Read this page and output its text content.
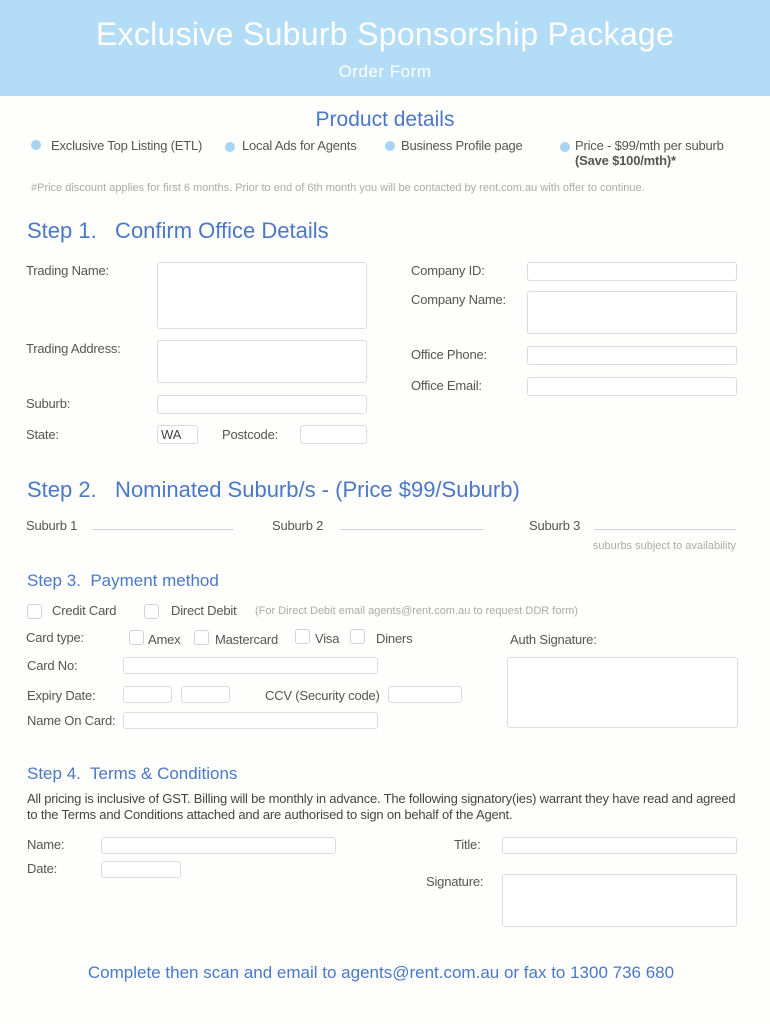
Exclusive Suburb Sponsorship Package
Order Form
Product details
Exclusive Top Listing (ETL)	Local Ads for Agents	Business Profile page	Price - $99/mth per suburb
(Save $100/mth)*
#Price discount applies for first 6 months. Prior to end of 6th month you will be contacted by rent.com.au with offer to continue.
Step 1.   Confirm Office Details
Trading Name:
Trading Address:
Suburb:
State:	WA	Postcode:
Company ID:
Company Name:
Office Phone:
Office Email:
Step 2.   Nominated Suburb/s - (Price $99/Suburb)
Suburb 1	Suburb 2	Suburb 3
suburbs subject to availability
Step 3.  Payment method
Credit Card	Direct Debit (For Direct Debit email agents@rent.com.au to request DDR form)
Card type:	Amex	Mastercard	Visa	Diners	Auth Signature:
Card No:
Expiry Date:	CCV (Security code)
Name On Card:
Step 4.  Terms & Conditions
All pricing is inclusive of GST. Billing will be monthly in advance. The following signatory(ies) warrant they have read and agreed to the Terms and Conditions attached and are authorised to sign on behalf of the Agent.
Name:
Date:
Title:
Signature:
Complete then scan and email to agents@rent.com.au or fax to 1300 736 680
